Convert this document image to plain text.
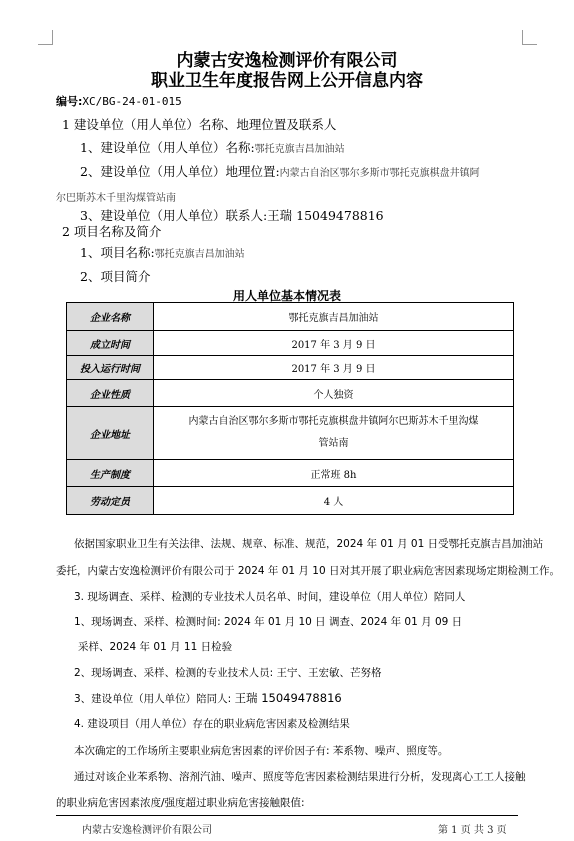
内蒙古安逸检测评价有限公司
职业卫生年度报告网上公开信息内容
编号:XC/BG-24-01-015
1 建设单位（用人单位）名称、地理位置及联系人
1、建设单位（用人单位）名称:鄂托克旗吉昌加油站
2、建设单位（用人单位）地理位置:内蒙古自治区鄂尔多斯市鄂托克旗棋盘井镇阿
尔巴斯苏木千里沟煤管站南
3、建设单位（用人单位）联系人:王瑞 15049478816
2 项目名称及简介
1、项目名称:鄂托克旗吉昌加油站
2、项目简介
用人单位基本情况表
企业名称	鄂托克旗吉昌加油站
成立时间	2017 年 3 月 9 日
投入运行时间	2017 年 3 月 9 日
企业性质	个人独资
企业地址	内蒙古自治区鄂尔多斯市鄂托克旗棋盘井镇阿尔巴斯苏木千里沟煤
管站南

生产制度	正常班 8h
劳动定员	4 人
依据国家职业卫生有关法律、法规、规章、标准、规范，2024 年 01 月 01 日受鄂托克旗吉昌加油站
委托，内蒙古安逸检测评价有限公司于 2024 年 01 月 10 日对其开展了职业病危害因素现场定期检测工作。
3. 现场调查、采样、检测的专业技术人员名单、时间，建设单位（用人单位）陪同人
1、现场调查、采样、检测时间: 2024 年 01 月 10 日 调查、2024 年 01 月 09 日
采样、2024 年 01 月 11 日检验
2、现场调查、采样、检测的专业技术人员: 王宁、王宏敏、芒努格
3、建设单位（用人单位）陪同人: 王瑞 15049478816
4. 建设项目（用人单位）存在的职业病危害因素及检测结果
本次确定的工作场所主要职业病危害因素的评价因子有: 苯系物、噪声、照度等。
通过对该企业苯系物、溶剂汽油、噪声、照度等危害因素检测结果进行分析，发现离心工工人接触
的职业病危害因素浓度/强度超过职业病危害接触限值:
内蒙古安逸检测评价有限公司	第 1 页 共 3 页
